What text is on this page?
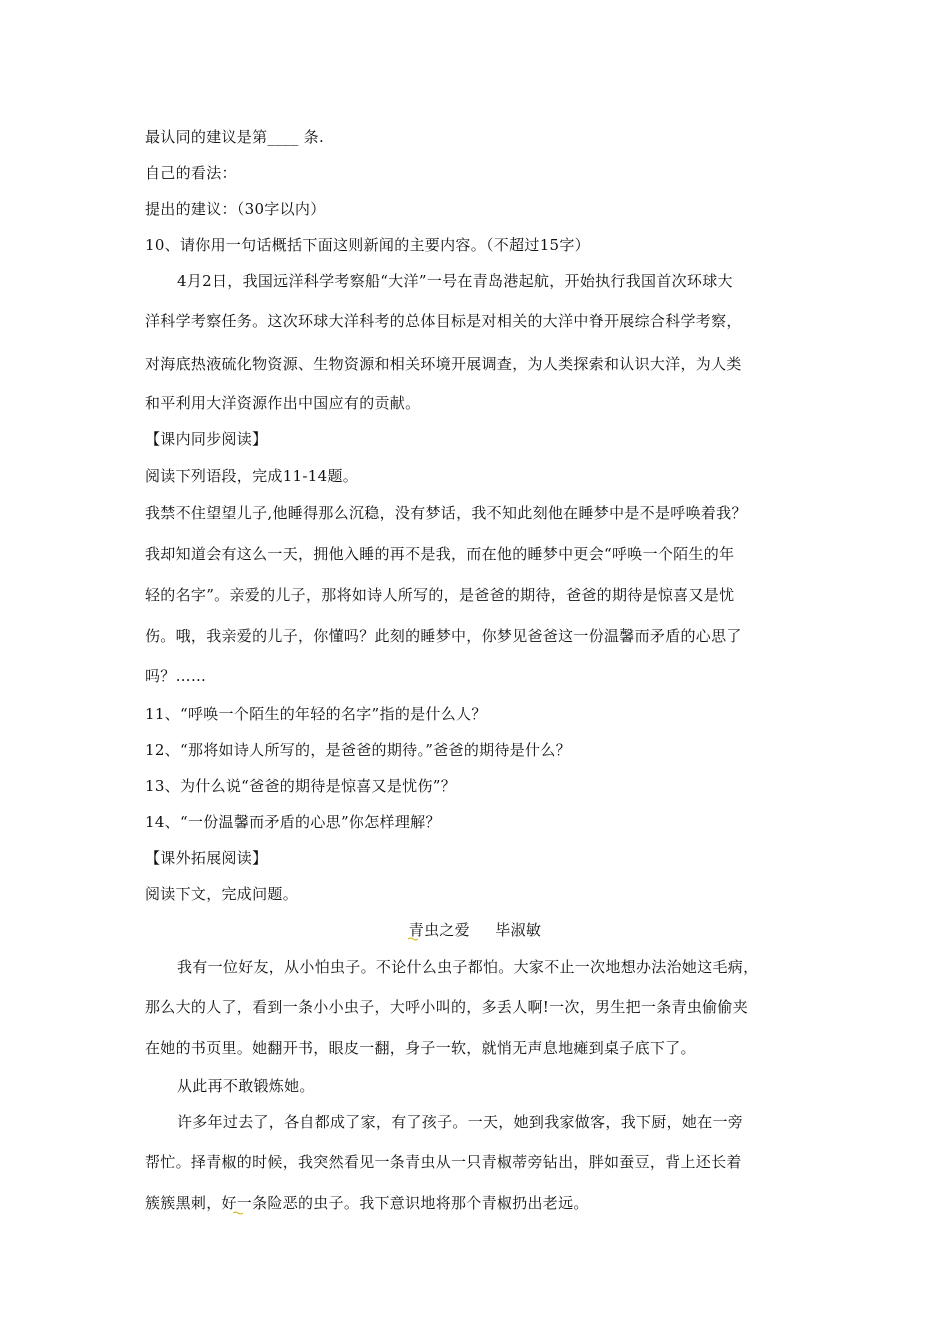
最认同的建议是第____ 条.
自己的看法：
提出的建议：（30字以内）
10、请你用一句话概括下面这则新闻的主要内容。（不超过15字）
4月2日，我国远洋科学考察船“大洋”一号在青岛港起航，开始执行我国首次环球大
洋科学考察任务。这次环球大洋科考的总体目标是对相关的大洋中脊开展综合科学考察，
对海底热液硫化物资源、生物资源和相关环境开展调查，为人类探索和认识大洋，为人类
和平利用大洋资源作出中国应有的贡献。
【课内同步阅读】
阅读下列语段，完成11-14题。
我禁不住望望儿子,他睡得那么沉稳，没有梦话，我不知此刻他在睡梦中是不是呼唤着我？
我却知道会有这么一天，拥他入睡的再不是我，而在他的睡梦中更会“呼唤一个陌生的年
轻的名字”。亲爱的儿子，那将如诗人所写的，是爸爸的期待，爸爸的期待是惊喜又是忧
伤。哦，我亲爱的儿子，你懂吗？此刻的睡梦中，你梦见爸爸这一份温馨而矛盾的心思了
吗？……
11、“呼唤一个陌生的年轻的名字”指的是什么人？
12、“那将如诗人所写的，是爸爸的期待。”爸爸的期待是什么？
13、为什么说“爸爸的期待是惊喜又是忧伤”？
14、“一份温馨而矛盾的心思”你怎样理解？
【课外拓展阅读】
阅读下文，完成问题。
青虫之爱     毕淑敏
我有一位好友，从小怕虫子。不论什么虫子都怕。大家不止一次地想办法治她这毛病，
那么大的人了，看到一条小小虫子，大呼小叫的，多丢人啊!一次，男生把一条青虫偷偷夹
在她的书页里。她翻开书，眼皮一翻，身子一软，就悄无声息地瘫到桌子底下了。
从此再不敢锻炼她。
许多年过去了，各自都成了家，有了孩子。一天，她到我家做客，我下厨，她在一旁
帮忙。择青椒的时候，我突然看见一条青虫从一只青椒蒂旁钻出，胖如蚕豆，背上还长着
簇簇黑刺，好一条险恶的虫子。我下意识地将那个青椒扔出老远。
